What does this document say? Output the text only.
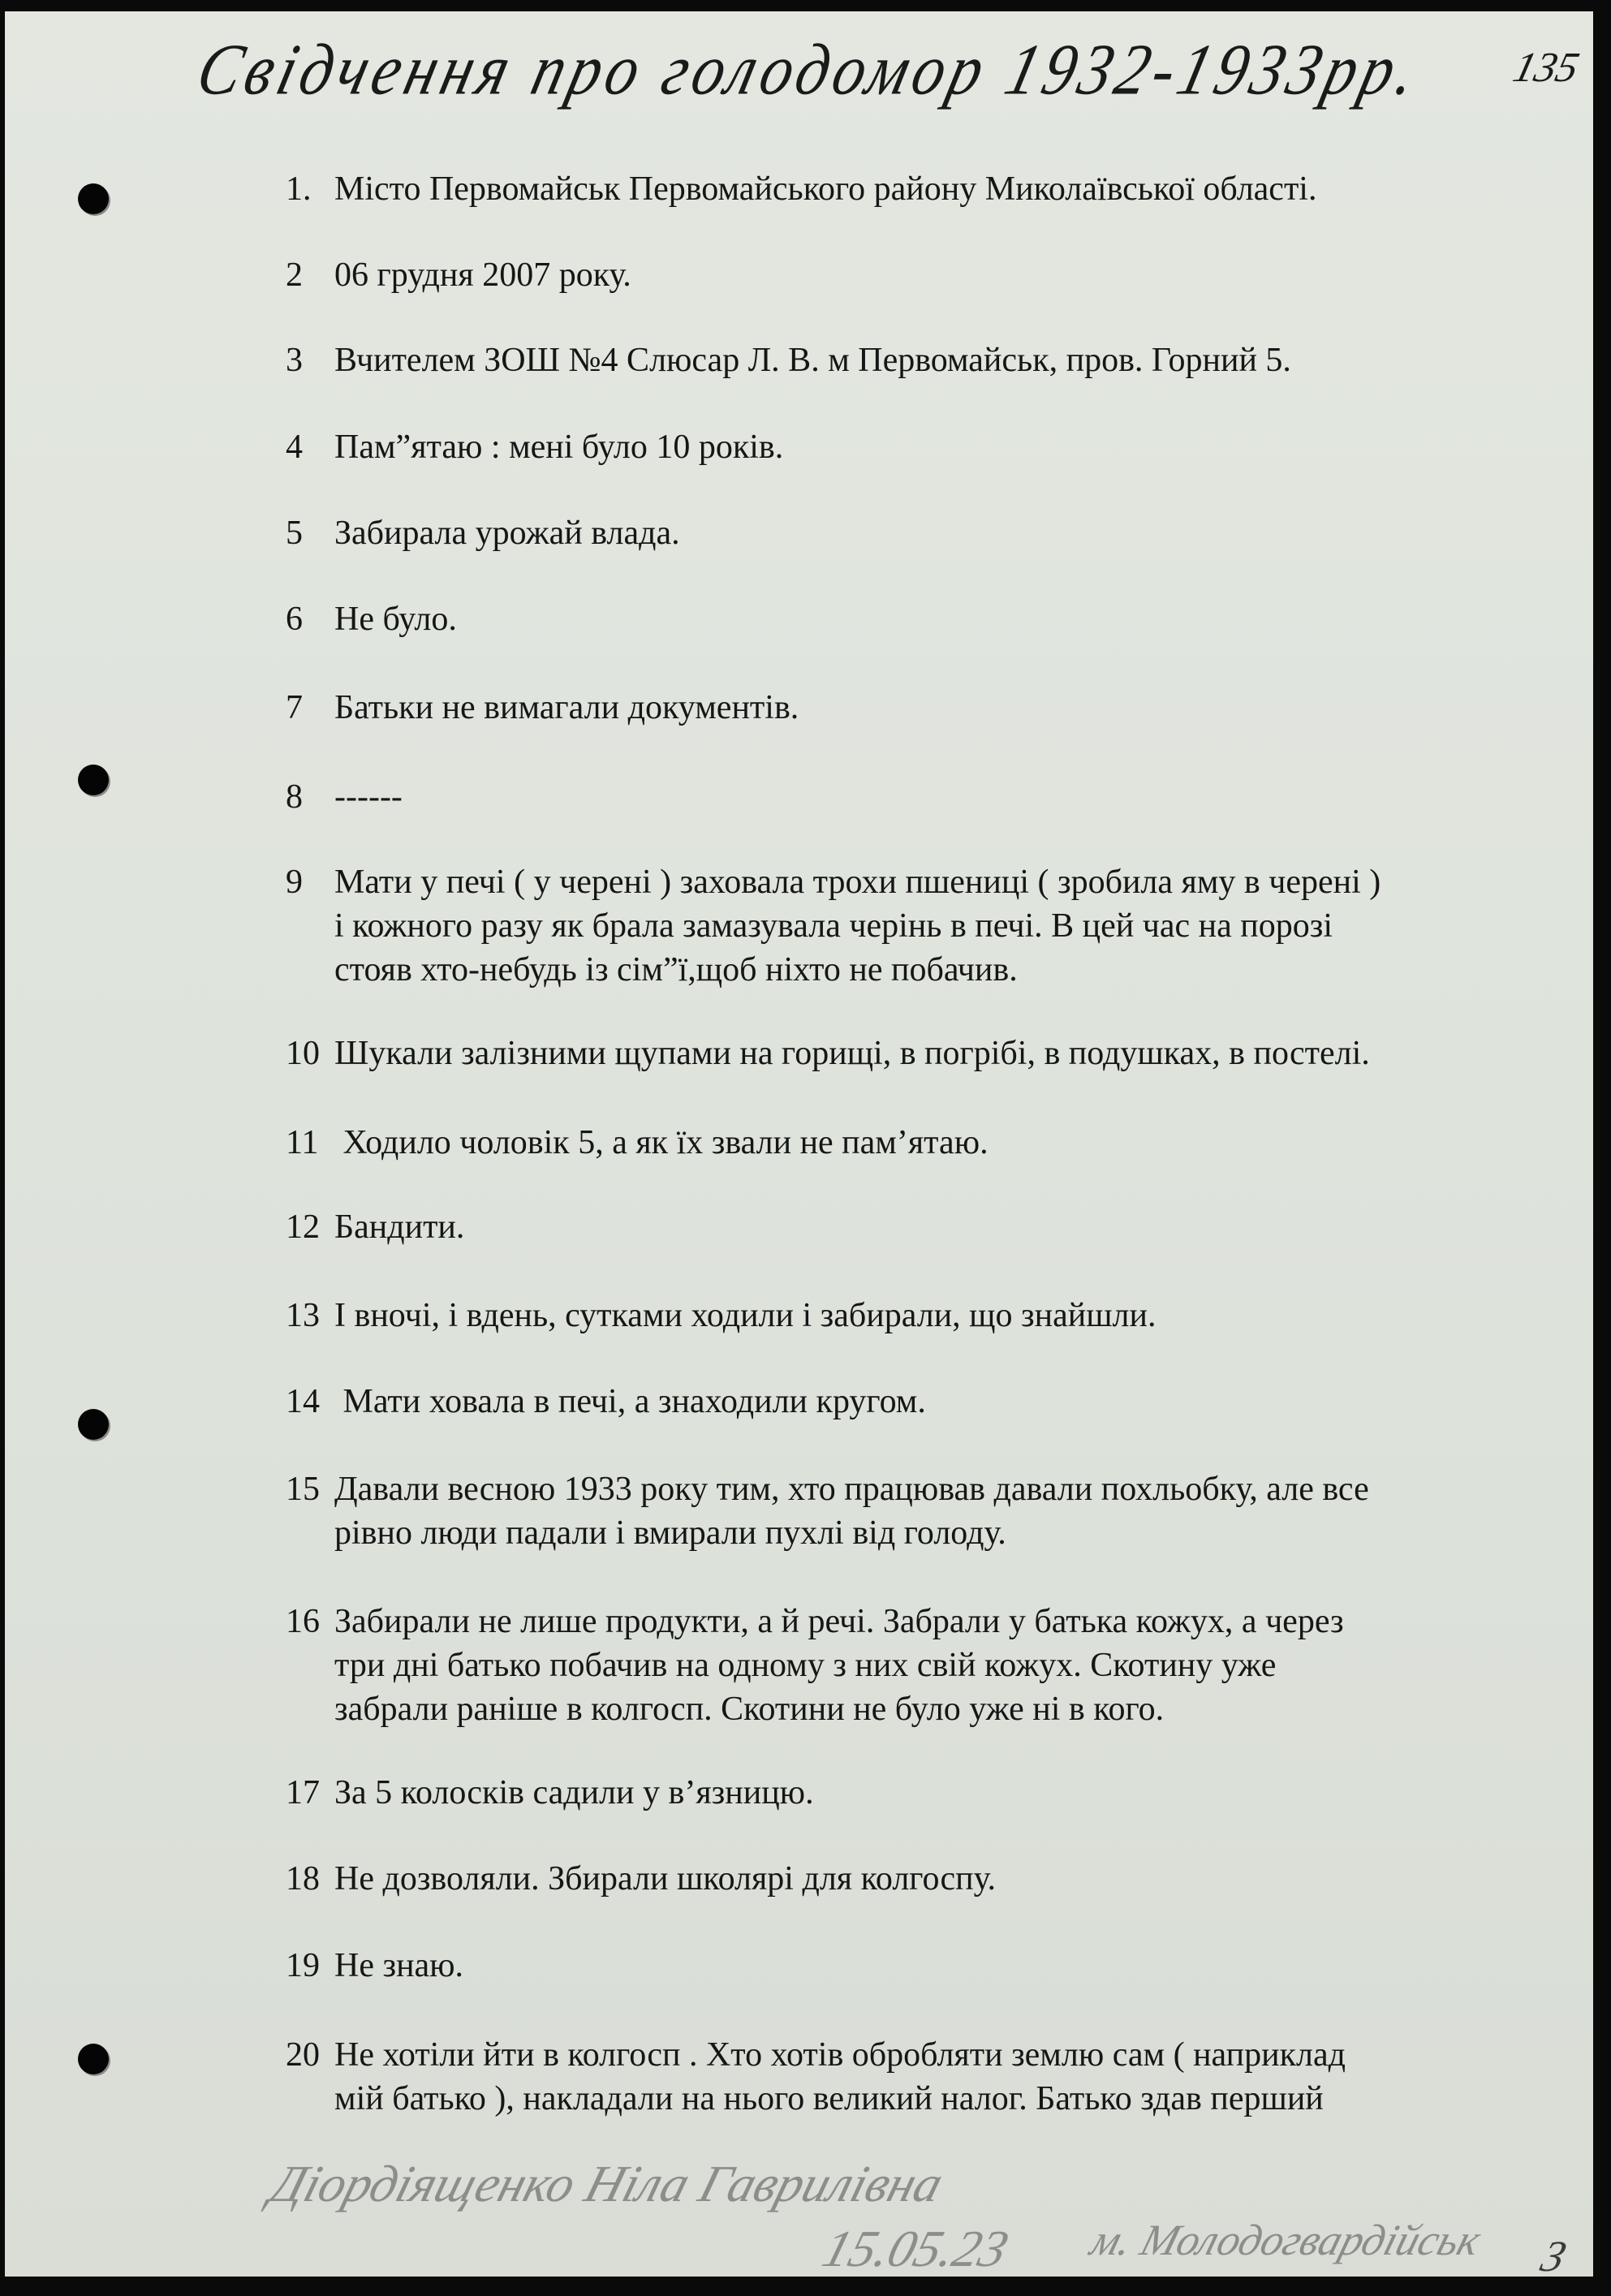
Свідчення про голодомор 1932-1933рр. 135
1. Місто Первомайськ Первомайського району Миколаївської області.
2 06 грудня 2007 року.
3 Вчителем ЗОШ №4 Слюсар Л. В. м Первомайськ, пров. Горний 5.
4 Пам”ятаю : мені було 10 років.
5 Забирала урожай влада.
6 Не було.
7 Батьки не вимагали документів.
8 ------
9 Мати у печі ( у черені ) заховала трохи пшениці ( зробила яму в черені )
і кожного разу як брала замазувала черінь в печі. В цей час на порозі
стояв хто-небудь із сім”ї,щоб ніхто не побачив.
10 Шукали залізними щупами на горищі, в погрібі, в подушках, в постелі.
11 Ходило чоловік 5, а як їх звали не пам’ятаю.
12 Бандити.
13 І вночі, і вдень, сутками ходили і забирали, що знайшли.
14 Мати ховала в печі, а знаходили кругом.
15 Давали весною 1933 року тим, хто працював давали похльобку, але все
рівно люди падали і вмирали пухлі від голоду.
16 Забирали не лише продукти, а й речі. Забрали у батька кожух, а через
три дні батько побачив на одному з них свій кожух. Скотину уже
забрали раніше в колгосп. Скотини не було уже ні в кого.
17 За 5 колосків садили у в’язницю.
18 Не дозволяли. Збирали школярі для колгоспу.
19 Не знаю.
20 Не хотіли йти в колгосп . Хто хотів обробляти землю сам ( наприклад
мій батько ), накладали на нього великий налог. Батько здав перший
Діордіященко Ніла Гаврилівна
15.05.23 м. Молодогвардійськ 3
